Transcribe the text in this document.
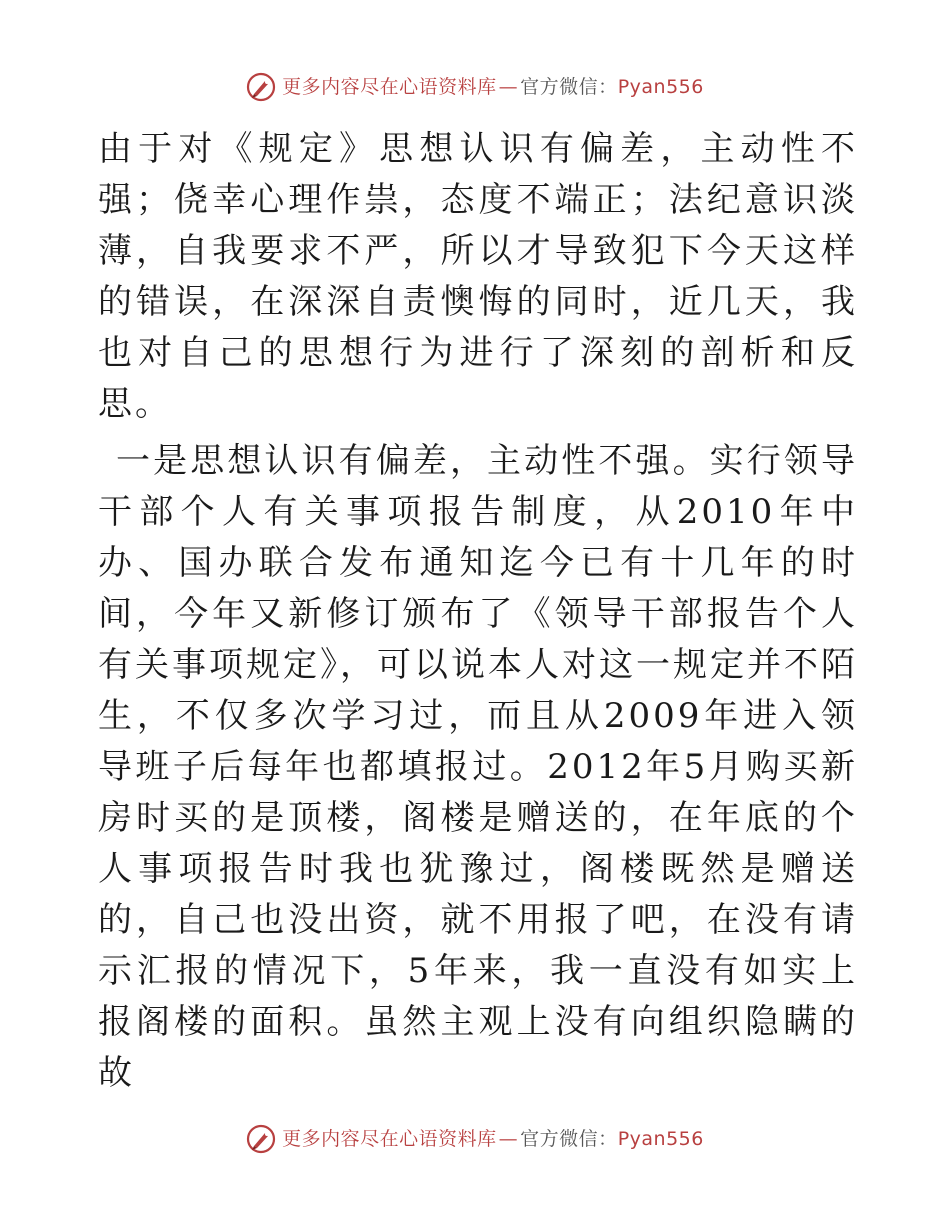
更多内容尽在心语资料库 — 官方微信：Pyan556

由于对《规定》思想认识有偏差，主动性不强；侥幸心理作祟，态度不端正；法纪意识淡薄，自我要求不严，所以才导致犯下今天这样的错误，在深深自责懊悔的同时，近几天，我也对自己的思想行为进行了深刻的剖析和反思。

一是思想认识有偏差，主动性不强。实行领导干部个人有关事项报告制度，从2010年中办、国办联合发布通知迄今已有十几年的时间，今年又新修订颁布了《领导干部报告个人有关事项规定》，可以说本人对这一规定并不陌生，不仅多次学习过，而且从2009年进入领导班子后每年也都填报过。2012年5月购买新房时买的是顶楼，阁楼是赠送的，在年底的个人事项报告时我也犹豫过，阁楼既然是赠送的，自己也没出资，就不用报了吧，在没有请示汇报的情况下，5年来，我一直没有如实上报阁楼的面积。虽然主观上没有向组织隐瞒的故

更多内容尽在心语资料库 — 官方微信：Pyan556
